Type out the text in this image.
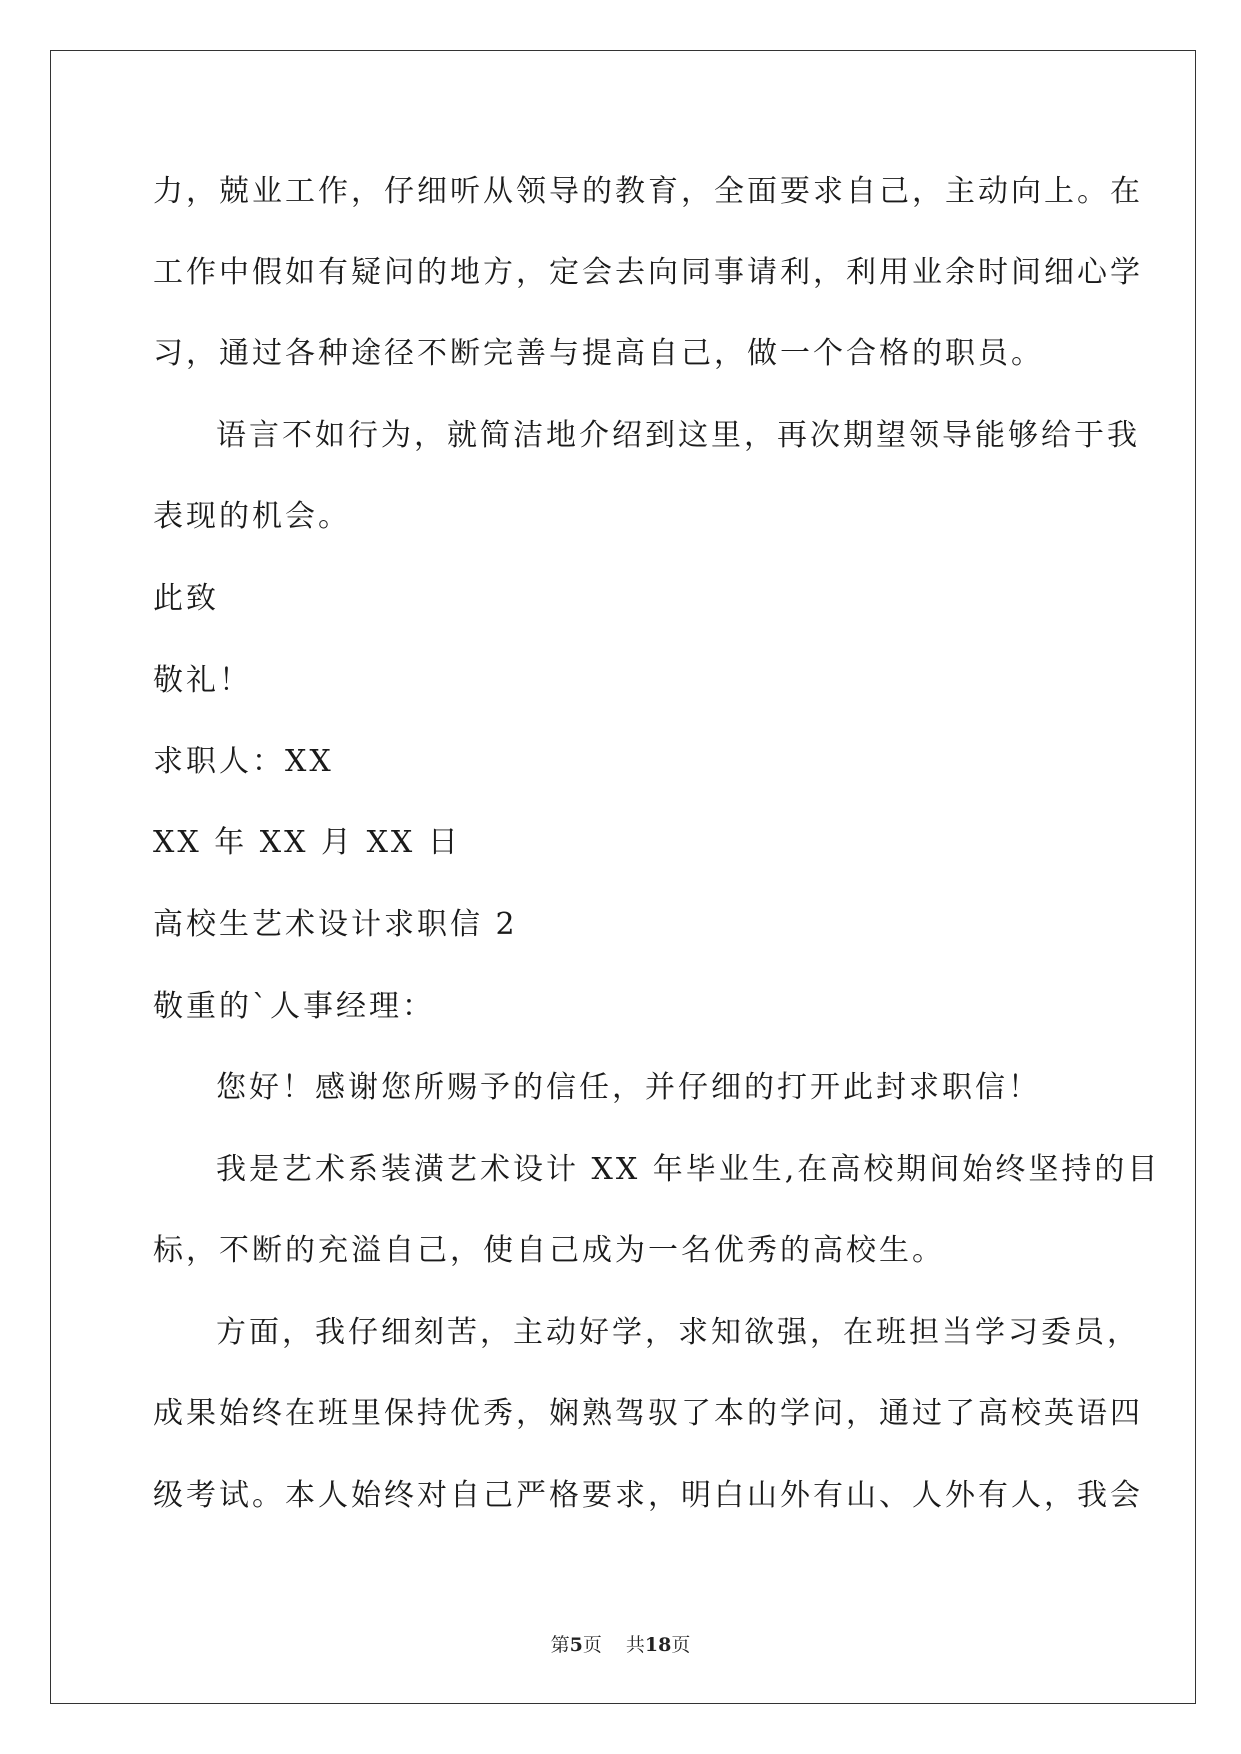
力，兢业工作，仔细听从领导的教育，全面要求自己，主动向上。在

工作中假如有疑问的地方，定会去向同事请利，利用业余时间细心学

习，通过各种途径不断完善与提高自己，做一个合格的职员。

语言不如行为，就简洁地介绍到这里，再次期望领导能够给于我

表现的机会。

此致

敬礼！

求职人：XX

XX 年 XX 月 XX 日

高校生艺术设计求职信 2

敬重的`人事经理：

您好！感谢您所赐予的信任，并仔细的打开此封求职信！

我是艺术系装潢艺术设计 XX 年毕业生,在高校期间始终坚持的目

标，不断的充溢自己，使自己成为一名优秀的高校生。

方面，我仔细刻苦，主动好学，求知欲强，在班担当学习委员，

成果始终在班里保持优秀，娴熟驾驭了本的学问，通过了高校英语四

级考试。本人始终对自己严格要求，明白山外有山、人外有人，我会

第5页 共18页
